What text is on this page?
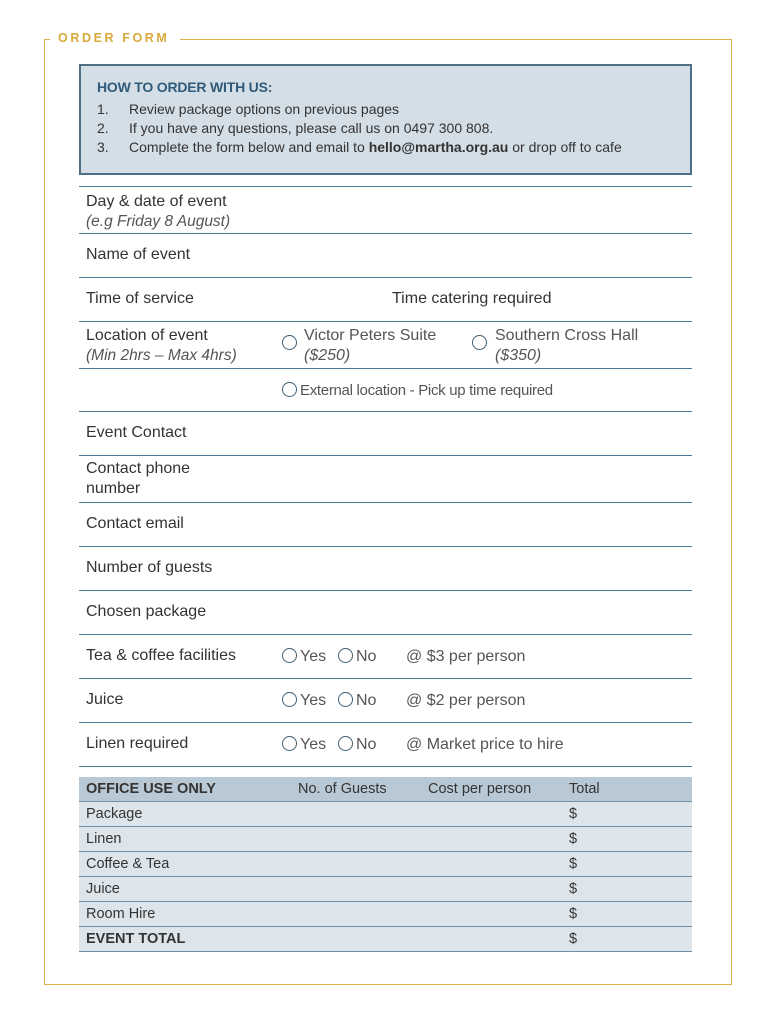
ORDER FORM
HOW TO ORDER WITH US:
1.	Review package options on previous pages
2.	If you have any questions, please call us on 0497 300 808.
3.	Complete the form below and email to hello@martha.org.au or drop off to cafe
Day & date of event
(e.g Friday 8 August)
Name of event
Time of service	Time catering required
Location of event
(Min 2hrs – Max 4hrs)
Victor Peters Suite
($250)
Southern Cross Hall
($350)
External location - Pick up time required
Event Contact
Contact phone
number
Contact email
Number of guests
Chosen package
Tea & coffee facilities	Yes	No @ $3 per person
Juice	Yes	No @ $2 per person
Linen required	Yes	No @ Market price to hire
OFFICE USE ONLY	No. of Guests	Cost per person	Total
Package			$
Linen			$
Coffee & Tea			$
Juice			$
Room Hire			$
EVENT TOTAL			$
